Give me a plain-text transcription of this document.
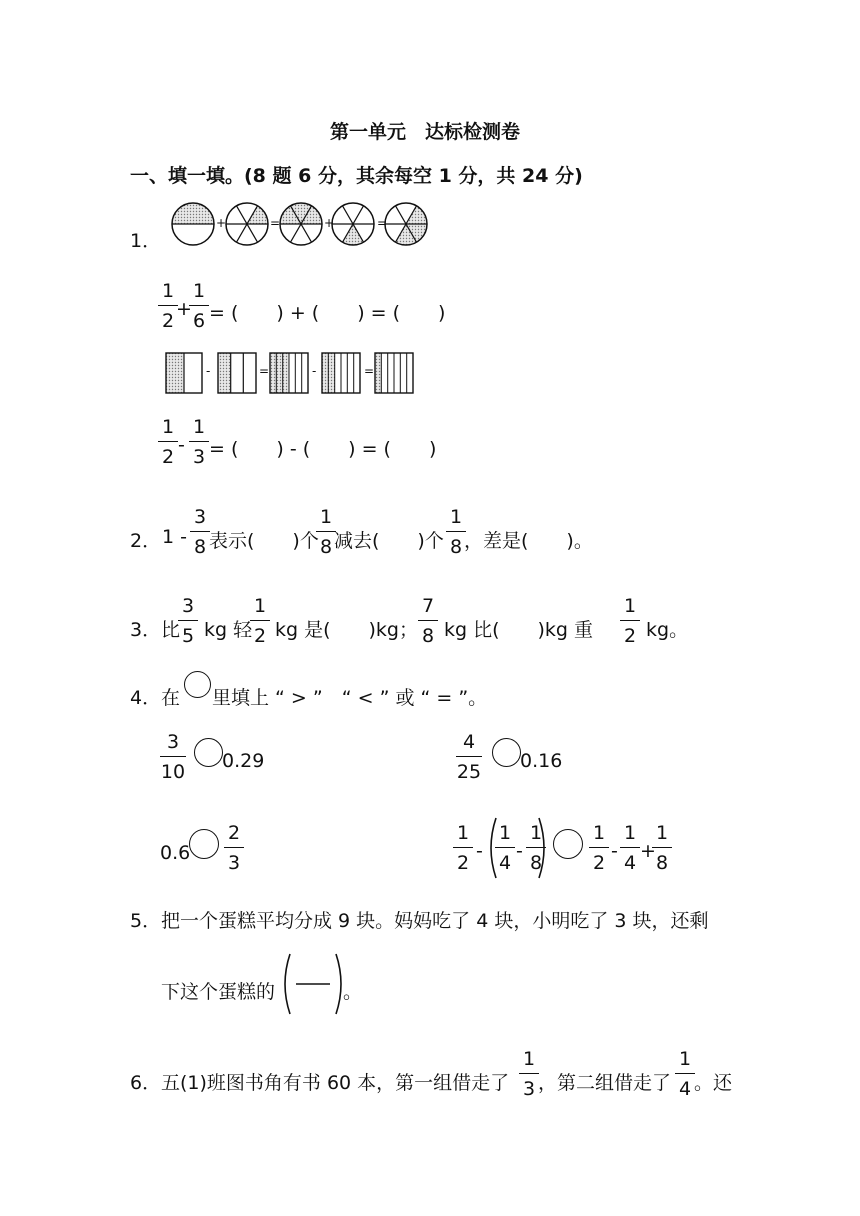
第一单元　达标检测卷
一、填一填。(8 题 6 分，其余每空 1 分，共 24 分)
1．
+	=	+	=
1
2
+
1
6 = (　　) + (　　) = (　　)
-	=	-	=
1
2
-
1
3 = (　　) - (　　) = (　　)
2． 1 -
3
8 表示(　　)个
1
8 减去(　　)个
1
8 ，差是(　　)。
3． 比
3
5 kg 轻
1
2 kg 是(　　)kg；
7
8 kg 比(　　)kg 重
1
2 kg。
4． 在 里填上 “ > ”　“ < ” 或 “ = ”。
3
10 0.29
4
25 0.16
0.6
2
3
1
2
-
1
4
-
1
8
1
2
-
1
4
+
1
8
5． 把一个蛋糕平均分成 9 块。妈妈吃了 4 块，小明吃了 3 块，还剩
下这个蛋糕的	。
6． 五(1)班图书角有书 60 本，第一组借走了
1
3 ，第二组借走了
1
4 。还
